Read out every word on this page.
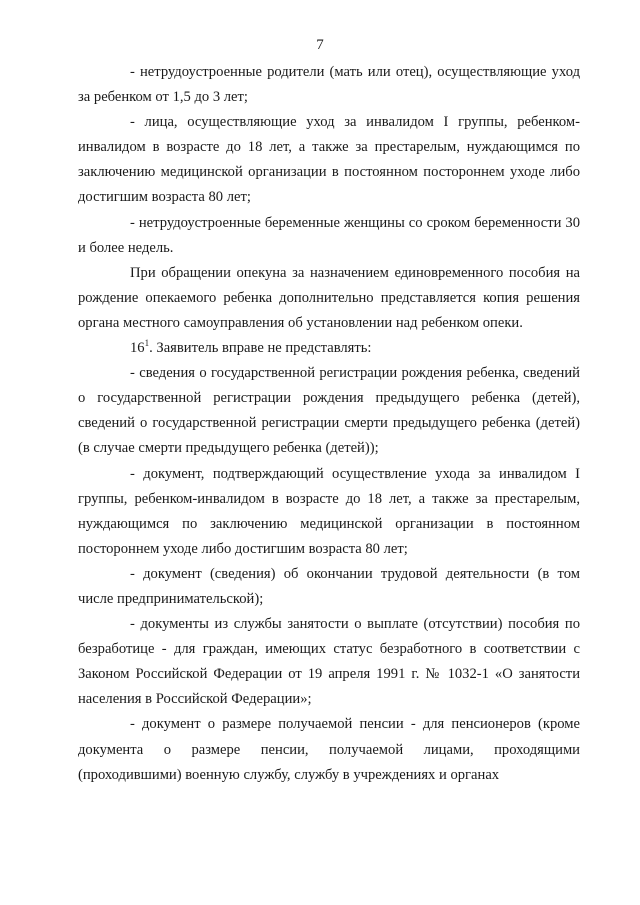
7

- нетрудоустроенные родители (мать или отец), осуществляющие уход за ребенком от 1,5 до 3 лет;

- лица, осуществляющие уход за инвалидом I группы, ребенком-инвалидом в возрасте до 18 лет, а также за престарелым, нуждающимся по заключению медицинской организации в постоянном постороннем уходе либо достигшим возраста 80 лет;

- нетрудоустроенные беременные женщины со сроком беременности 30 и более недель.

При обращении опекуна за назначением единовременного пособия на рождение опекаемого ребенка дополнительно представляется копия решения органа местного самоуправления об установлении над ребенком опеки.

$16^1$. Заявитель вправе не представлять:

- сведения о государственной регистрации рождения ребенка, сведений о государственной регистрации рождения предыдущего ребенка (детей), сведений о государственной регистрации смерти предыдущего ребенка (детей) (в случае смерти предыдущего ребенка (детей));

- документ, подтверждающий осуществление ухода за инвалидом I группы, ребенком-инвалидом в возрасте до 18 лет, а также за престарелым, нуждающимся по заключению медицинской организации в постоянном постороннем уходе либо достигшим возраста 80 лет;

- документ (сведения) об окончании трудовой деятельности (в том числе предпринимательской);

- документы из службы занятости о выплате (отсутствии) пособия по безработице - для граждан, имеющих статус безработного в соответствии с Законом Российской Федерации от 19 апреля 1991 г. № 1032-1 «О занятости населения в Российской Федерации»;

- документ о размере получаемой пенсии - для пенсионеров (кроме документа о размере пенсии, получаемой лицами, проходящими (проходившими) военную службу, службу в учреждениях и органах
